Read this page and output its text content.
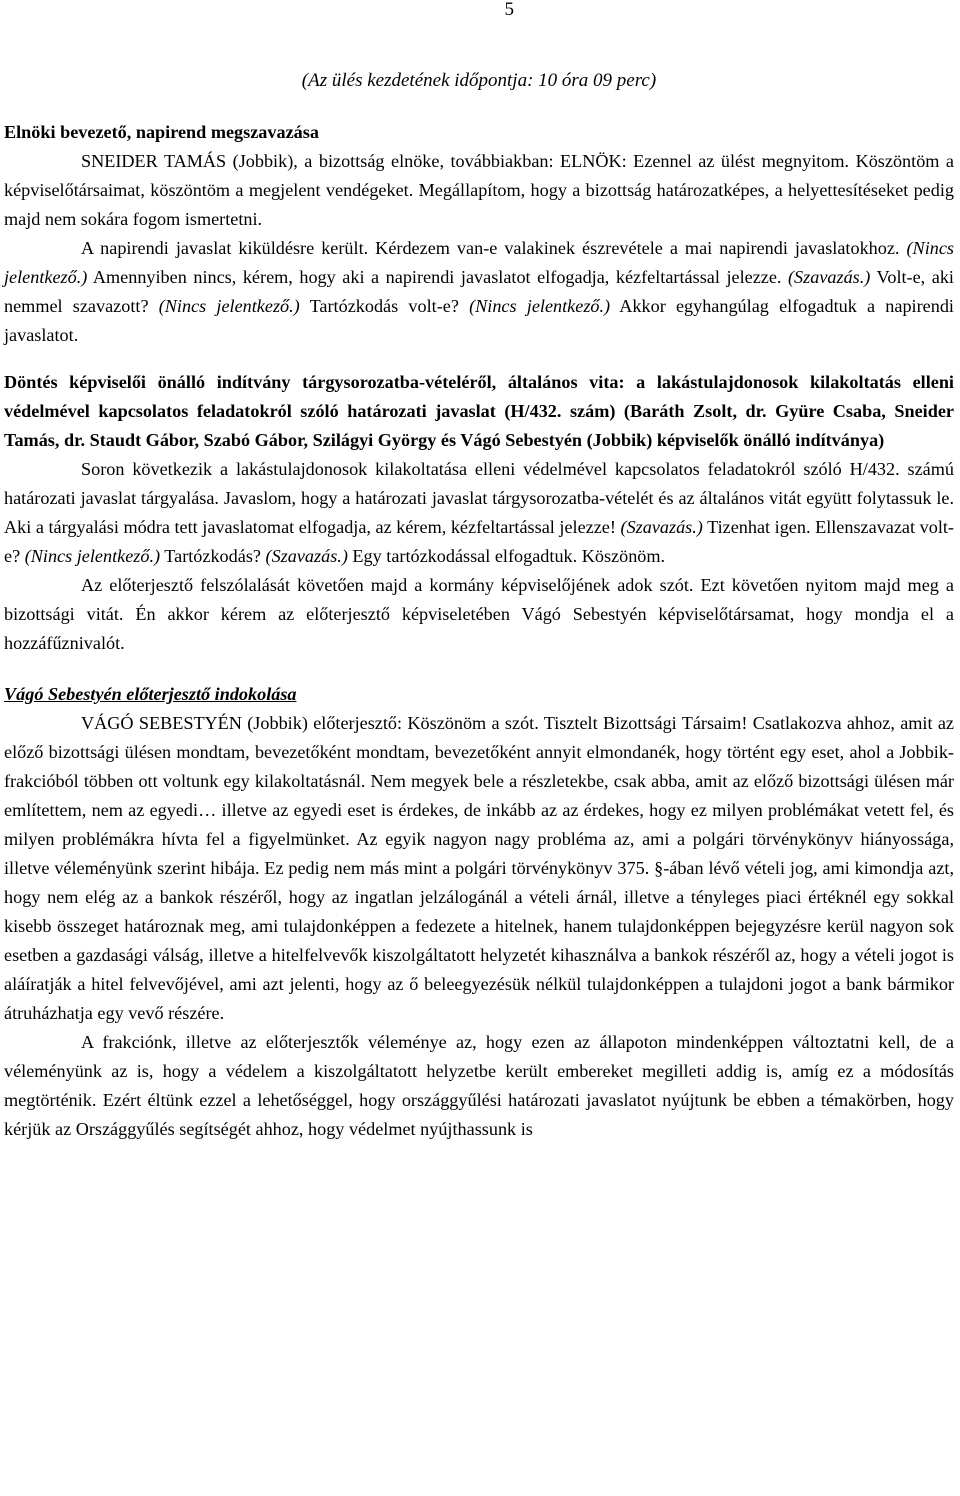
5

(Az ülés kezdetének időpontja: 10 óra 09 perc)

Elnöki bevezető, napirend megszavazása

SNEIDER TAMÁS (Jobbik), a bizottság elnöke, továbbiakban: ELNÖK: Ezennel az ülést megnyitom. Köszöntöm a képviselőtársaimat, köszöntöm a megjelent vendégeket. Megállapítom, hogy a bizottság határozatképes, a helyettesítéseket pedig majd nem sokára fogom ismertetni.

A napirendi javaslat kiküldésre került. Kérdezem van-e valakinek észrevétele a mai napirendi javaslatokhoz. (Nincs jelentkező.) Amennyiben nincs, kérem, hogy aki a napirendi javaslatot elfogadja, kézfeltartással jelezze. (Szavazás.) Volt-e, aki nemmel szavazott? (Nincs jelentkező.) Tartózkodás volt-e? (Nincs jelentkező.) Akkor egyhangúlag elfogadtuk a napirendi javaslatot.

Döntés képviselői önálló indítvány tárgysorozatba-vételéről, általános vita: a lakástulajdonosok kilakoltatás elleni védelmével kapcsolatos feladatokról szóló határozati javaslat (H/432. szám) (Baráth Zsolt, dr. Gyüre Csaba, Sneider Tamás, dr. Staudt Gábor, Szabó Gábor, Szilágyi György és Vágó Sebestyén (Jobbik) képviselők önálló indítványa)

Soron következik a lakástulajdonosok kilakoltatása elleni védelmével kapcsolatos feladatokról szóló H/432. számú határozati javaslat tárgyalása. Javaslom, hogy a határozati javaslat tárgysorozatba-vételét és az általános vitát együtt folytassuk le. Aki a tárgyalási módra tett javaslatomat elfogadja, az kérem, kézfeltartással jelezze! (Szavazás.) Tizenhat igen. Ellenszavazat volt-e? (Nincs jelentkező.) Tartózkodás? (Szavazás.) Egy tartózkodással elfogadtuk. Köszönöm.

Az előterjesztő felszólalását követően majd a kormány képviselőjének adok szót. Ezt követően nyitom majd meg a bizottsági vitát. Én akkor kérem az előterjesztő képviseletében Vágó Sebestyén képviselőtársamat, hogy mondja el a hozzáfűznivalót.

Vágó Sebestyén előterjesztő indokolása

VÁGÓ SEBESTYÉN (Jobbik) előterjesztő: Köszönöm a szót. Tisztelt Bizottsági Társaim! Csatlakozva ahhoz, amit az előző bizottsági ülésen mondtam, bevezetőként mondtam, bevezetőként annyit elmondanék, hogy történt egy eset, ahol a Jobbik-frakcióból többen ott voltunk egy kilakoltatásnál. Nem megyek bele a részletekbe, csak abba, amit az előző bizottsági ülésen már említettem, nem az egyedi… illetve az egyedi eset is érdekes, de inkább az az érdekes, hogy ez milyen problémákat vetett fel, és milyen problémákra hívta fel a figyelmünket. Az egyik nagyon nagy probléma az, ami a polgári törvénykönyv hiányossága, illetve véleményünk szerint hibája. Ez pedig nem más mint a polgári törvénykönyv 375. §-ában lévő vételi jog, ami kimondja azt, hogy nem elég az a bankok részéről, hogy az ingatlan jelzálogánál a vételi árnál, illetve a tényleges piaci értéknél egy sokkal kisebb összeget határoznak meg, ami tulajdonképpen a fedezete a hitelnek, hanem tulajdonképpen bejegyzésre kerül nagyon sok esetben a gazdasági válság, illetve a hitelfelvevők kiszolgáltatott helyzetét kihasználva a bankok részéről az, hogy a vételi jogot is aláíratják a hitel felvevőjével, ami azt jelenti, hogy az ő beleegyezésük nélkül tulajdonképpen a tulajdoni jogot a bank bármikor átruházhatja egy vevő részére.

A frakciónk, illetve az előterjesztők véleménye az, hogy ezen az állapoton mindenképpen változtatni kell, de a véleményünk az is, hogy a védelem a kiszolgáltatott helyzetbe került embereket megilleti addig is, amíg ez a módosítás megtörténik. Ezért éltünk ezzel a lehetőséggel, hogy országgyűlési határozati javaslatot nyújtunk be ebben a témakörben, hogy kérjük az Országgyűlés segítségét ahhoz, hogy védelmet nyújthassunk is
